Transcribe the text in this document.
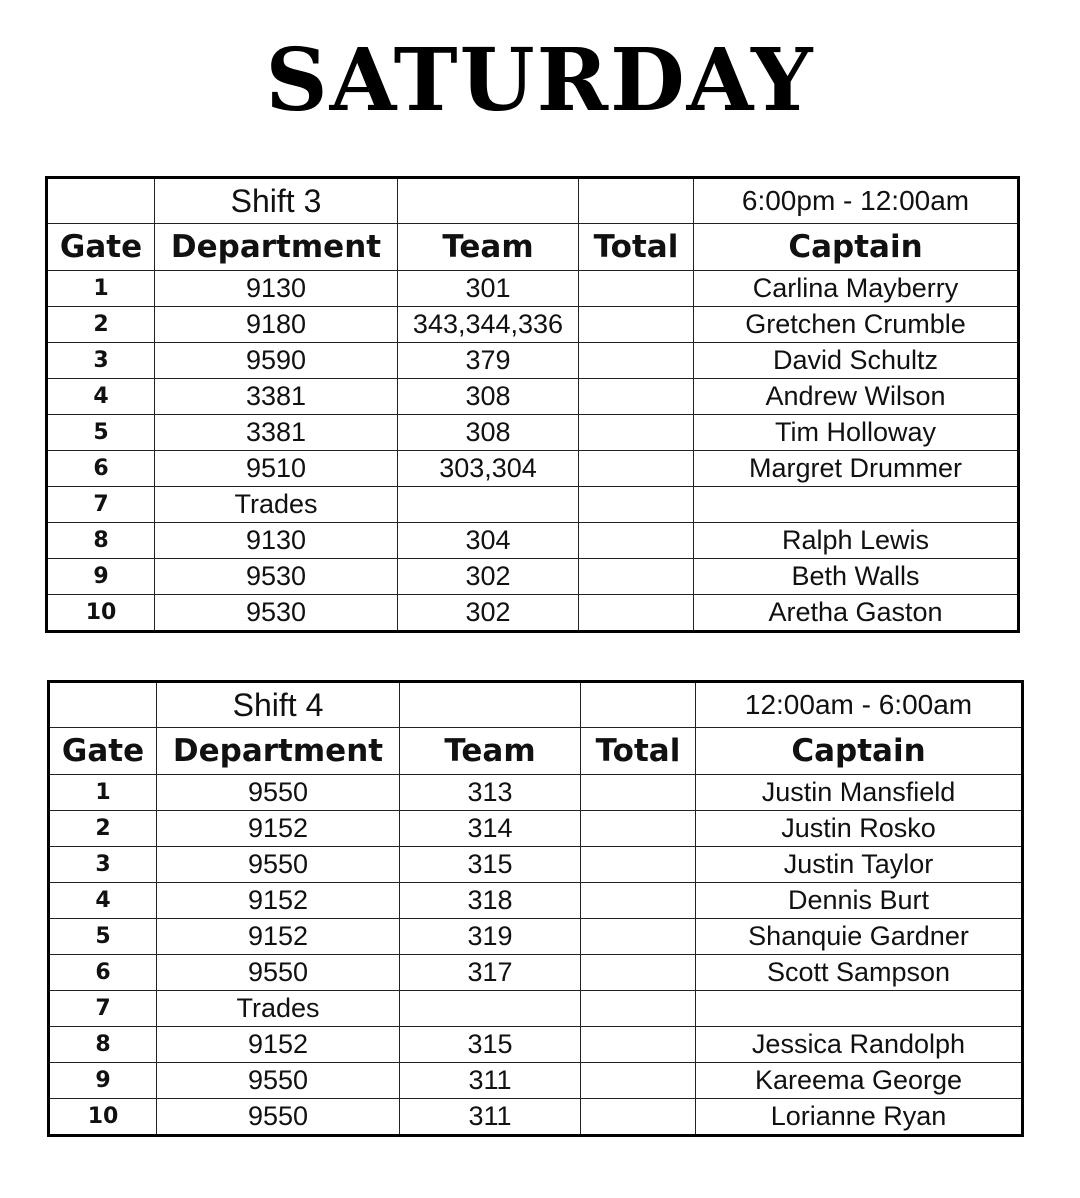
SATURDAY
	Shift 3			6:00pm - 12:00am
Gate	Department	Team	Total	Captain
1	9130	301		Carlina Mayberry
2	9180	343,344,336		Gretchen Crumble
3	9590	379		David Schultz
4	3381	308		Andrew Wilson
5	3381	308		Tim Holloway
6	9510	303,304		Margret Drummer
7	Trades			
8	9130	304		Ralph Lewis
9	9530	302		Beth Walls
10	9530	302		Aretha Gaston
	Shift 4			12:00am - 6:00am
Gate	Department	Team	Total	Captain
1	9550	313		Justin Mansfield
2	9152	314		Justin Rosko
3	9550	315		Justin Taylor
4	9152	318		Dennis Burt
5	9152	319		Shanquie Gardner
6	9550	317		Scott Sampson
7	Trades			
8	9152	315		Jessica Randolph
9	9550	311		Kareema George
10	9550	311		Lorianne Ryan
